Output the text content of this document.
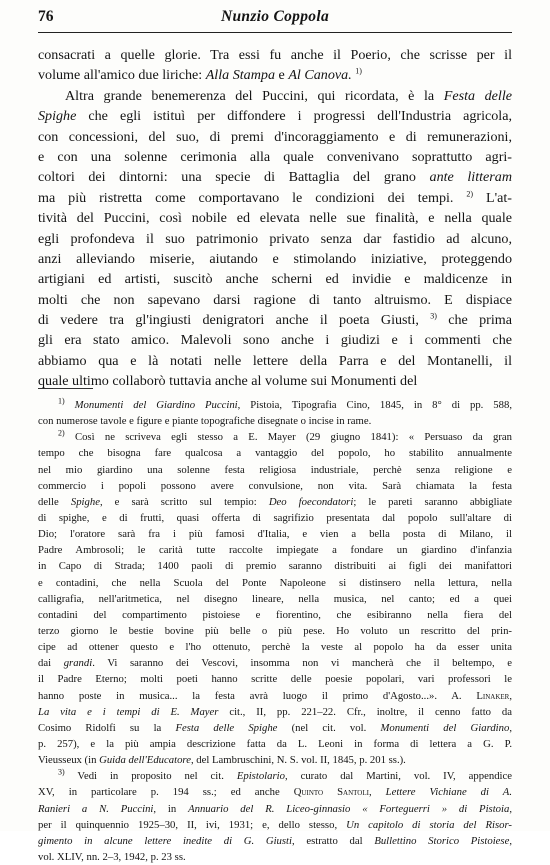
76	Nunzio Coppola
consacrati a quelle glorie. Tra essi fu anche il Poerio, che scrisse per il
volume all'amico due liriche: Alla Stampa e Al Canova. $^{1)}$
Altra grande benemerenza del Puccini, qui ricordata, è la Festa delle
Spighe che egli istituì per diffondere i progressi dell'Industria agricola,
con concessioni, del suo, di premi d'incoraggiamento e di remunerazioni,
e con una solenne cerimonia alla quale convenivano soprattutto agri-
coltori dei dintorni: una specie di Battaglia del grano ante litteram
ma più ristretta come comportavano le condizioni dei tempi. $^{2)}$ L'at-
tività del Puccini, così nobile ed elevata nelle sue finalità, e nella quale
egli profondeva il suo patrimonio privato senza dar fastidio ad alcuno,
anzi alleviando miserie, aiutando e stimolando iniziative, proteggendo
artigiani ed artisti, suscitò anche scherni ed invidie e maldicenze in
molti che non sapevano darsi ragione di tanto altruismo. E dispiace
di vedere tra gl'ingiusti denigratori anche il poeta Giusti, $^{3)}$ che prima
gli era stato amico. Malevoli sono anche i giudizi e i commenti che
abbiamo qua e là notati nelle lettere della Parra e del Montanelli, il
quale ultimo collaborò tuttavia anche al volume sui Monumenti del
$^{1)}$ Monumenti del Giardino Puccini, Pistoia, Tipografia Cino, 1845, in 8° di pp. 588,
con numerose tavole e figure e piante topografiche disegnate o incise in rame.
$^{2)}$ Così ne scriveva egli stesso a E. Mayer (29 giugno 1841): « Persuaso da gran
tempo che bisogna fare qualcosa a vantaggio del popolo, ho stabilito annualmente
nel mio giardino una solenne festa religiosa industriale, perchè senza religione e
commercio i popoli possono avere convulsione, non vita. Sarà chiamata la festa
delle Spighe, e sarà scritto sul tempio: Deo foecondatori; le pareti saranno abbigliate
di spighe, e di frutti, quasi offerta di sagrifizio presentata dal popolo sull'altare di
Dio; l'oratore sarà fra i più famosi d'Italia, e vien a bella posta di Milano, il
Padre Ambrosoli; le carità tutte raccolte impiegate a fondare un giardino d'infanzia
in Capo di Strada; 1400 paoli di premio saranno distribuiti ai figli dei manifattori
e contadini, che nella Scuola del Ponte Napoleone si distinsero nella lettura, nella
calligrafia, nell'aritmetica, nel disegno lineare, nella musica, nel canto; ed a quei
contadini del compartimento pistoiese e fiorentino, che esibiranno nella fiera del
terzo giorno le bestie bovine più belle o più pese. Ho voluto un rescritto del prin-
cipe ad ottener questo e l'ho ottenuto, perchè la veste al popolo ha da esser unita
dai grandi. Vi saranno dei Vescovi, insomma non vi mancherà che il beltempo, e
il Padre Eterno; molti poeti hanno scritte delle poesie popolari, vari professori le
hanno poste in musica... la festa avrà luogo il primo d'Agosto...». A. Linaker,
La vita e i tempi di E. Mayer cit., II, pp. 221–22. Cfr., inoltre, il cenno fatto da
Cosimo Ridolfi su la Festa delle Spighe (nel cit. vol. Monumenti del Giardino,
p. 257), e la più ampia descrizione fatta da L. Leoni in forma di lettera a G. P.
Vieusseux (in Guida dell'Educatore, del Lambruschini, N. S. vol. II, 1845, p. 201 ss.).
$^{3)}$ Vedi in proposito nel cit. Epistolario, curato dal Martini, vol. IV, appendice
XV, in particolare p. 194 ss.; ed anche Quinto Santoli, Lettere Vichiane di A.
Ranieri a N. Puccini, in Annuario del R. Liceo-ginnasio « Forteguerri » di Pistoia,
per il quinquennio 1925–30, II, ivi, 1931; e, dello stesso, Un capitolo di storia del Risor-
gimento in alcune lettere inedite di G. Giusti, estratto dal Bullettino Storico Pistoiese,
vol. XLIV, nn. 2–3, 1942, p. 23 ss.
